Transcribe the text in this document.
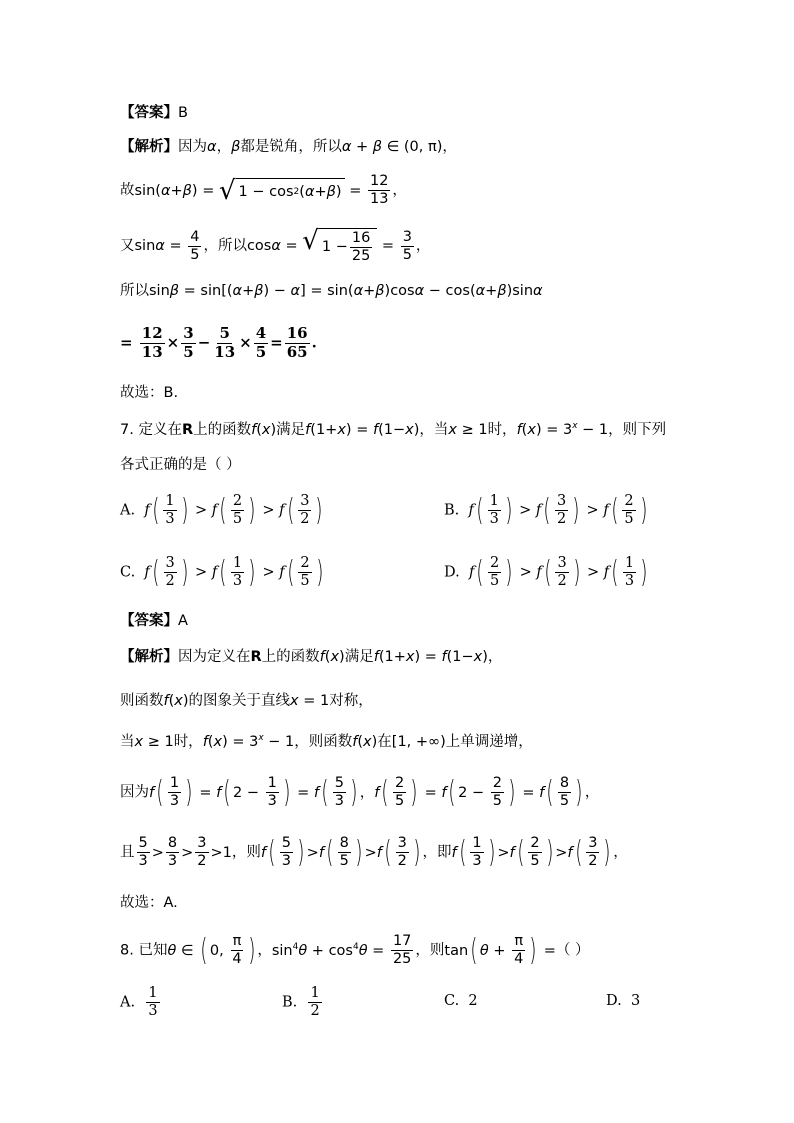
【答案】B
【解析】因为α，β都是锐角，所以α + β ∈ (0, π)，
故sin(α+β) = √ 1 − cos 2 ( α + β ) = $\frac{12}{13}$ ，
又$\sin\alpha = \frac{4}{5}$ ，所以cosα = √ $1 - \frac{16}{25} = \frac{3}{5}$ ，
所以sinβ = sin[(α+β) − α] = sin(α+β)cosα − cos(α+β)sinα
= $\frac{12}{13} \times \frac{3}{5} - \frac{5}{13} \times \frac{4}{5} = \frac{16}{65}$ .
故选：B.
7. 定义在R上的函数f(x)满足f(1+x) = f(1−x)，当x ≥ 1时，$f(x) = 3^x - 1$，则下列
各式正确的是（ ）
A. $f( \frac{1}{3}$ ) > $f( \frac{2}{5}$ ) > $f( \frac{3}{2}$ )	B. $f( \frac{1}{3}$ ) > $f( \frac{3}{2}$ ) > $f( \frac{2}{5}$ )
C. $f( \frac{3}{2}$ ) > $f( \frac{1}{3}$ ) > $f( \frac{2}{5}$ )	D. $f( \frac{2}{5}$ ) > $f( \frac{3}{2}$ ) > $f( \frac{1}{3}$ )
【答案】A
【解析】因为定义在R上的函数f(x)满足f(1+x) = f(1−x)，
则函数f(x)的图象关于直线x = 1对称，
当x ≥ 1时，$f(x) = 3^x - 1$，则函数f(x)在[1, +∞)上单调递增，
因为$f( \frac{1}{3}$ ) = f( $2 - \frac{1}{3}$ ) = $f( \frac{5}{3}$ ) ，$f( \frac{2}{5}$ ) = f( $2 - \frac{2}{5}$ ) = $f( \frac{8}{5}$ ) ，
且 $\frac{5}{3} > \frac{8}{3} > \frac{3}{2} >1$，则$f( \frac{5}{3}$ ) $>f( \frac{8}{5}$ ) $>f( \frac{3}{2}$ ) ，即$f( \frac{1}{3}$ ) $>f( \frac{2}{5}$ ) $>f( \frac{3}{2}$ ) ，
故选：A.
8. 已知θ ∈ ( 0, $\frac{\pi}{4}$ ) ，$\sin^4\theta + \cos^4\theta = \frac{17}{25}$ ，则tan( $\theta + \frac{\pi}{4}$ ) =（ ）
A. $\frac{1}{3}$	B. $\frac{1}{2}$	C. 2	D. 3
